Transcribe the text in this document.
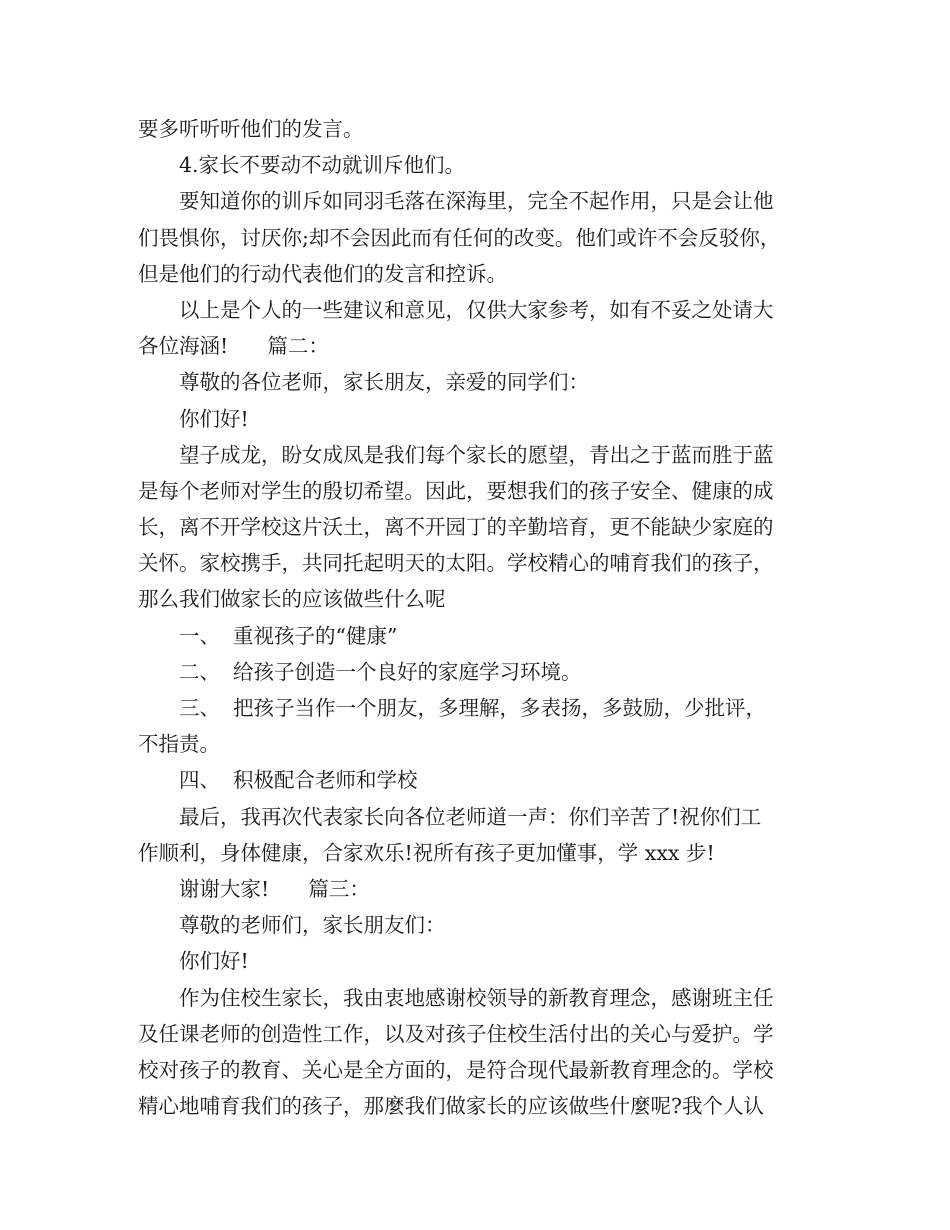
要多听听听他们的发言。
4.家长不要动不动就训斥他们。
要知道你的训斥如同羽毛落在深海里，完全不起作用，只是会让他
们畏惧你，讨厌你;却不会因此而有任何的改变。他们或许不会反驳你，
但是他们的行动代表他们的发言和控诉。
以上是个人的一些建议和意见，仅供大家参考，如有不妥之处请大
各位海涵!      篇二：
尊敬的各位老师，家长朋友，亲爱的同学们：
你们好!
望子成龙，盼女成凤是我们每个家长的愿望，青出之于蓝而胜于蓝
是每个老师对学生的殷切希望。因此，要想我们的孩子安全、健康的成
长，离不开学校这片沃土，离不开园丁的辛勤培育，更不能缺少家庭的
关怀。家校携手，共同托起明天的太阳。学校精心的哺育我们的孩子，
那么我们做家长的应该做些什么呢
一、  重视孩子的“健康”
二、  给孩子创造一个良好的家庭学习环境。
三、  把孩子当作一个朋友，多理解，多表扬，多鼓励，少批评，
不指责。
四、  积极配合老师和学校
最后，我再次代表家长向各位老师道一声：你们辛苦了!祝你们工
作顺利，身体健康，合家欢乐!祝所有孩子更加懂事，学 xxx 步!
谢谢大家!      篇三：
尊敬的老师们，家长朋友们：
你们好!
作为住校生家长，我由衷地感谢校领导的新教育理念，感谢班主任
及任课老师的创造性工作，以及对孩子住校生活付出的关心与爱护。学
校对孩子的教育、关心是全方面的，是符合现代最新教育理念的。学校
精心地哺育我们的孩子，那麼我们做家长的应该做些什麼呢?我个人认
